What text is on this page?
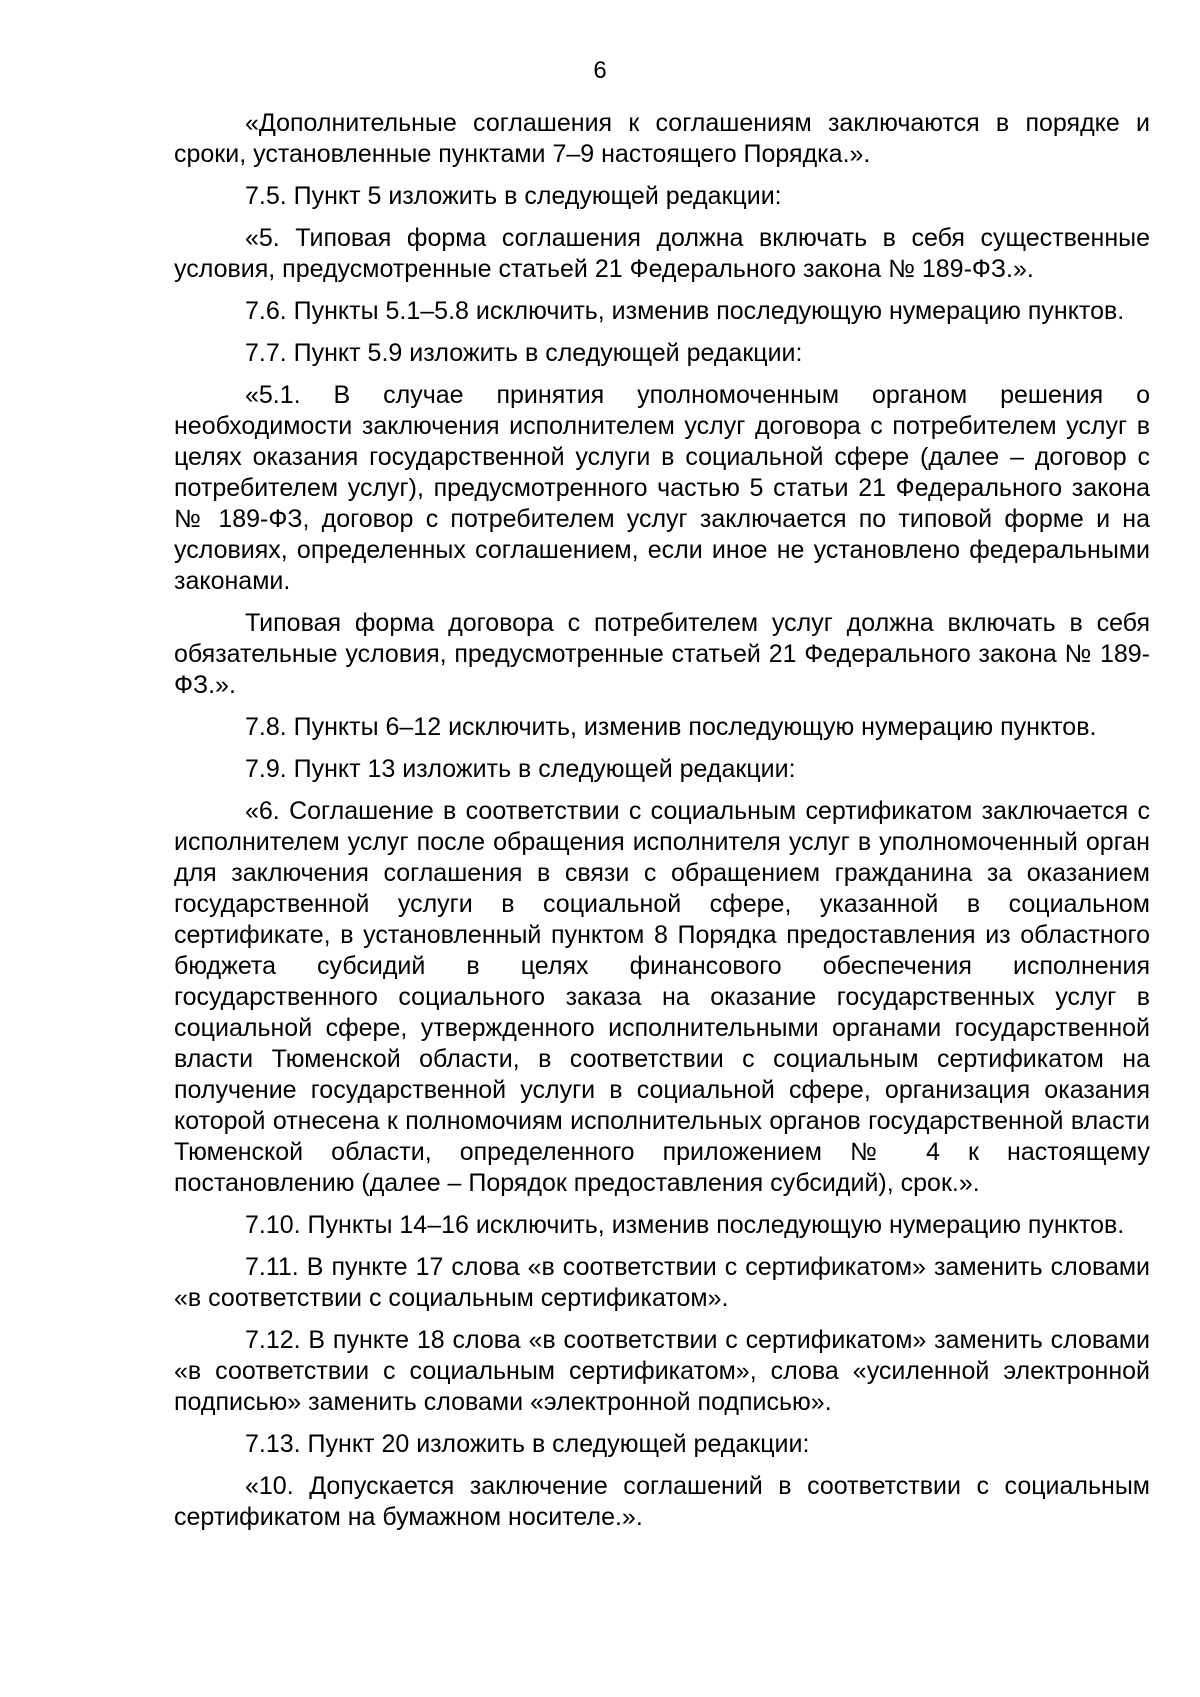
6

«Дополнительные соглашения к соглашениям заключаются в порядке и сроки, установленные пунктами 7–9 настоящего Порядка.».

7.5. Пункт 5 изложить в следующей редакции:

«5. Типовая форма соглашения должна включать в себя существенные условия, предусмотренные статьей 21 Федерального закона № 189-ФЗ.».

7.6. Пункты 5.1–5.8 исключить, изменив последующую нумерацию пунктов.

7.7. Пункт 5.9 изложить в следующей редакции:

«5.1. В случае принятия уполномоченным органом решения о необходимости заключения исполнителем услуг договора с потребителем услуг в целях оказания государственной услуги в социальной сфере (далее – договор с потребителем услуг), предусмотренного частью 5 статьи 21 Федерального закона № 189-ФЗ, договор с потребителем услуг заключается по типовой форме и на условиях, определенных соглашением, если иное не установлено федеральными законами.

Типовая форма договора с потребителем услуг должна включать в себя обязательные условия, предусмотренные статьей 21 Федерального закона № 189-ФЗ.».

7.8. Пункты 6–12 исключить, изменив последующую нумерацию пунктов.

7.9. Пункт 13 изложить в следующей редакции:

«6. Соглашение в соответствии с социальным сертификатом заключается с исполнителем услуг после обращения исполнителя услуг в уполномоченный орган для заключения соглашения в связи с обращением гражданина за оказанием государственной услуги в социальной сфере, указанной в социальном сертификате, в установленный пунктом 8 Порядка предоставления из областного бюджета субсидий в целях финансового обеспечения исполнения государственного социального заказа на оказание государственных услуг в социальной сфере, утвержденного исполнительными органами государственной власти Тюменской области, в соответствии с социальным сертификатом на получение государственной услуги в социальной сфере, организация оказания которой отнесена к полномочиям исполнительных органов государственной власти Тюменской области, определенного приложением № 4 к настоящему постановлению (далее – Порядок предоставления субсидий), срок.».

7.10. Пункты 14–16 исключить, изменив последующую нумерацию пунктов.

7.11. В пункте 17 слова «в соответствии с сертификатом» заменить словами «в соответствии с социальным сертификатом».

7.12. В пункте 18 слова «в соответствии с сертификатом» заменить словами «в соответствии с социальным сертификатом», слова «усиленной электронной подписью» заменить словами «электронной подписью».

7.13. Пункт 20 изложить в следующей редакции:

«10. Допускается заключение соглашений в соответствии с социальным сертификатом на бумажном носителе.».
